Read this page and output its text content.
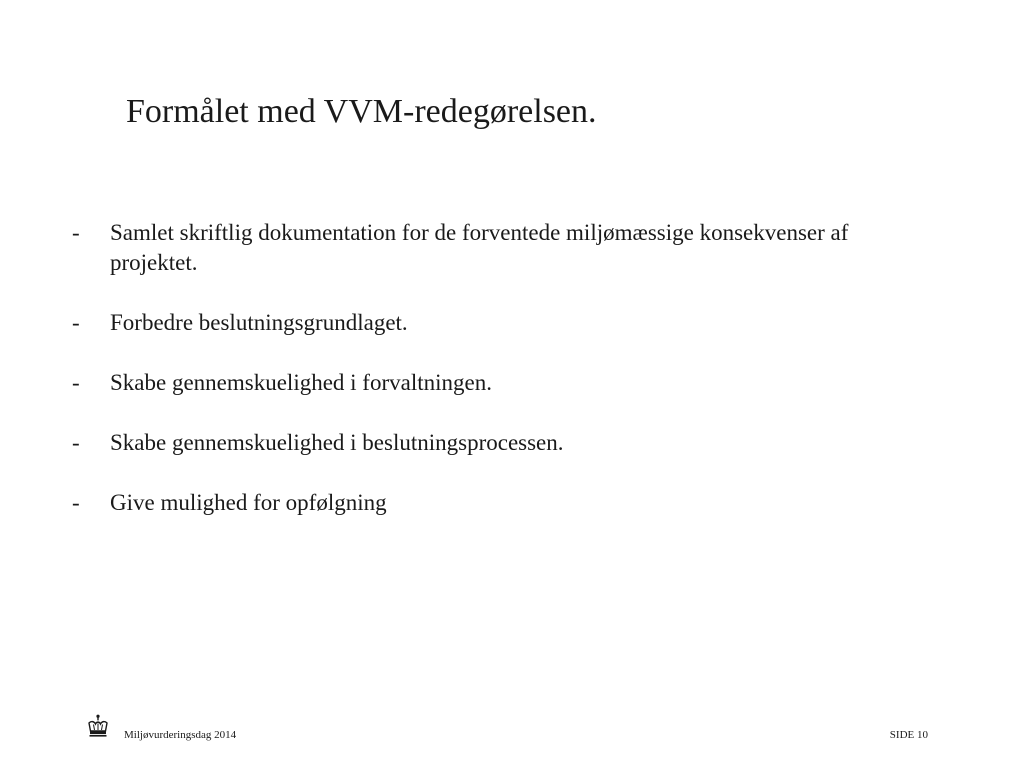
Formålet med VVM-redegørelsen.
-	Samlet skriftlig dokumentation for de forventede miljømæssige konsekvenser af projektet.
-	Forbedre beslutningsgrundlaget.
-	Skabe gennemskuelighed i forvaltningen.
-	Skabe gennemskuelighed i beslutningsprocessen.
-	Give mulighed for opfølgning
Miljøvurderingsdag 2014	SIDE 10
